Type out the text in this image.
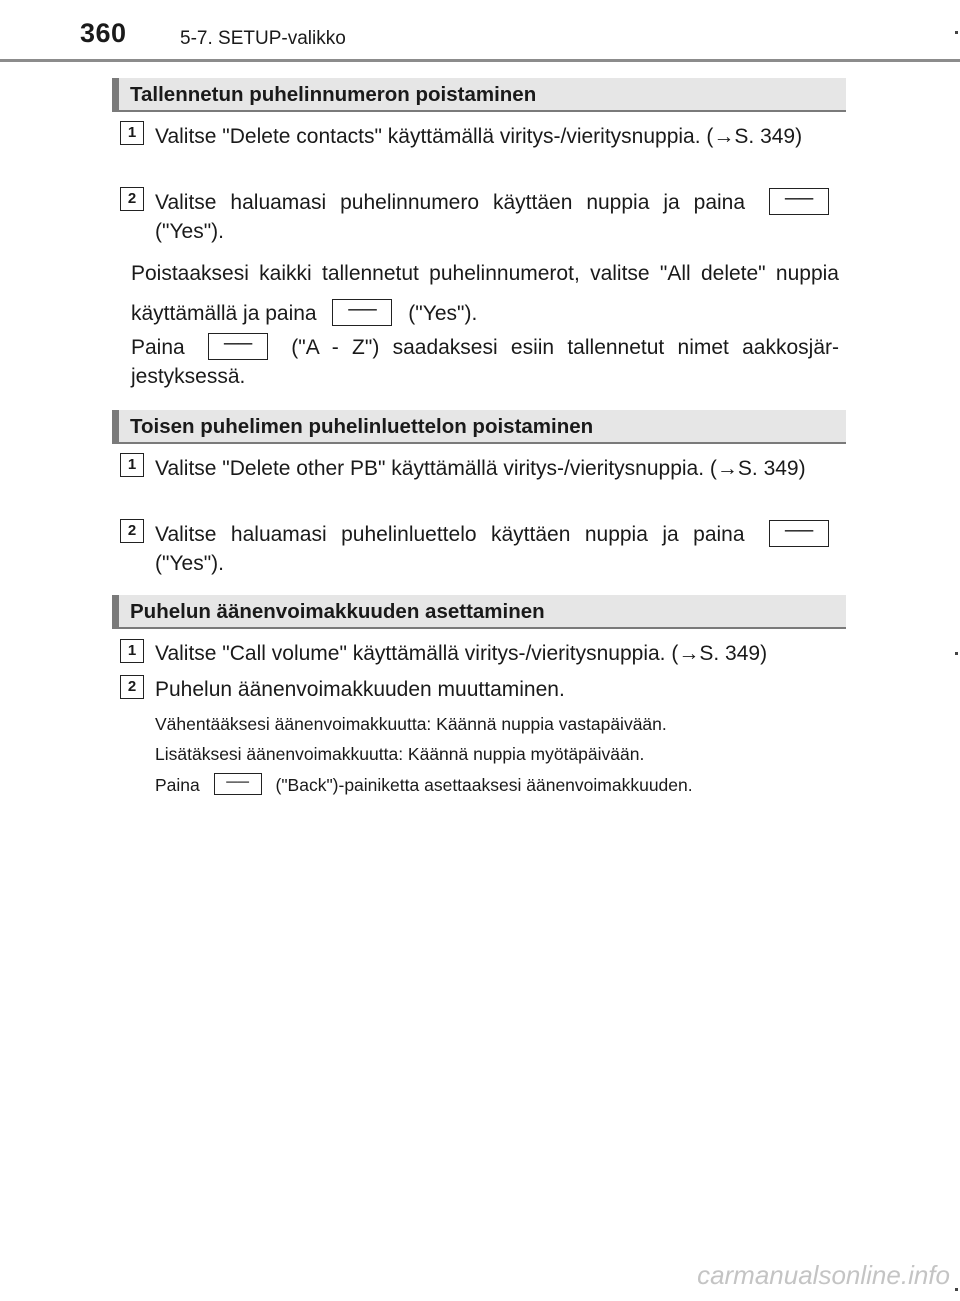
360	5-7. SETUP-valikko
Tallennetun puhelinnumeron poistaminen
1 Valitse "Delete contacts" käyttämällä viritys-/vieritysnuppia. (→S. 349)

2 Valitse haluamasi puhelinnumero käyttäen nuppia ja paina ── ("Yes").

Poistaaksesi kaikki tallennetut puhelinnumerot, valitse "All delete" nuppia käyttämällä ja paina ── ("Yes").

Paina ── ("A - Z") saadaksesi esiin tallennetut nimet aakkosjär-jestyksessä.

Toisen puhelimen puhelinluettelon poistaminen
1 Valitse "Delete other PB" käyttämällä viritys-/vieritysnuppia. (→S. 349)

2 Valitse haluamasi puhelinluettelo käyttäen nuppia ja paina ── ("Yes").

Puhelun äänenvoimakkuuden asettaminen
1 Valitse "Call volume" käyttämällä viritys-/vieritysnuppia. (→S. 349)

2 Puhelun äänenvoimakkuuden muuttaminen.

Vähentääksesi äänenvoimakkuutta: Käännä nuppia vastapäivään.

Lisätäksesi äänenvoimakkuutta: Käännä nuppia myötäpäivään.

Paina ── ("Back")-painiketta asettaaksesi äänenvoimakkuuden.

carmanualsonline.info
